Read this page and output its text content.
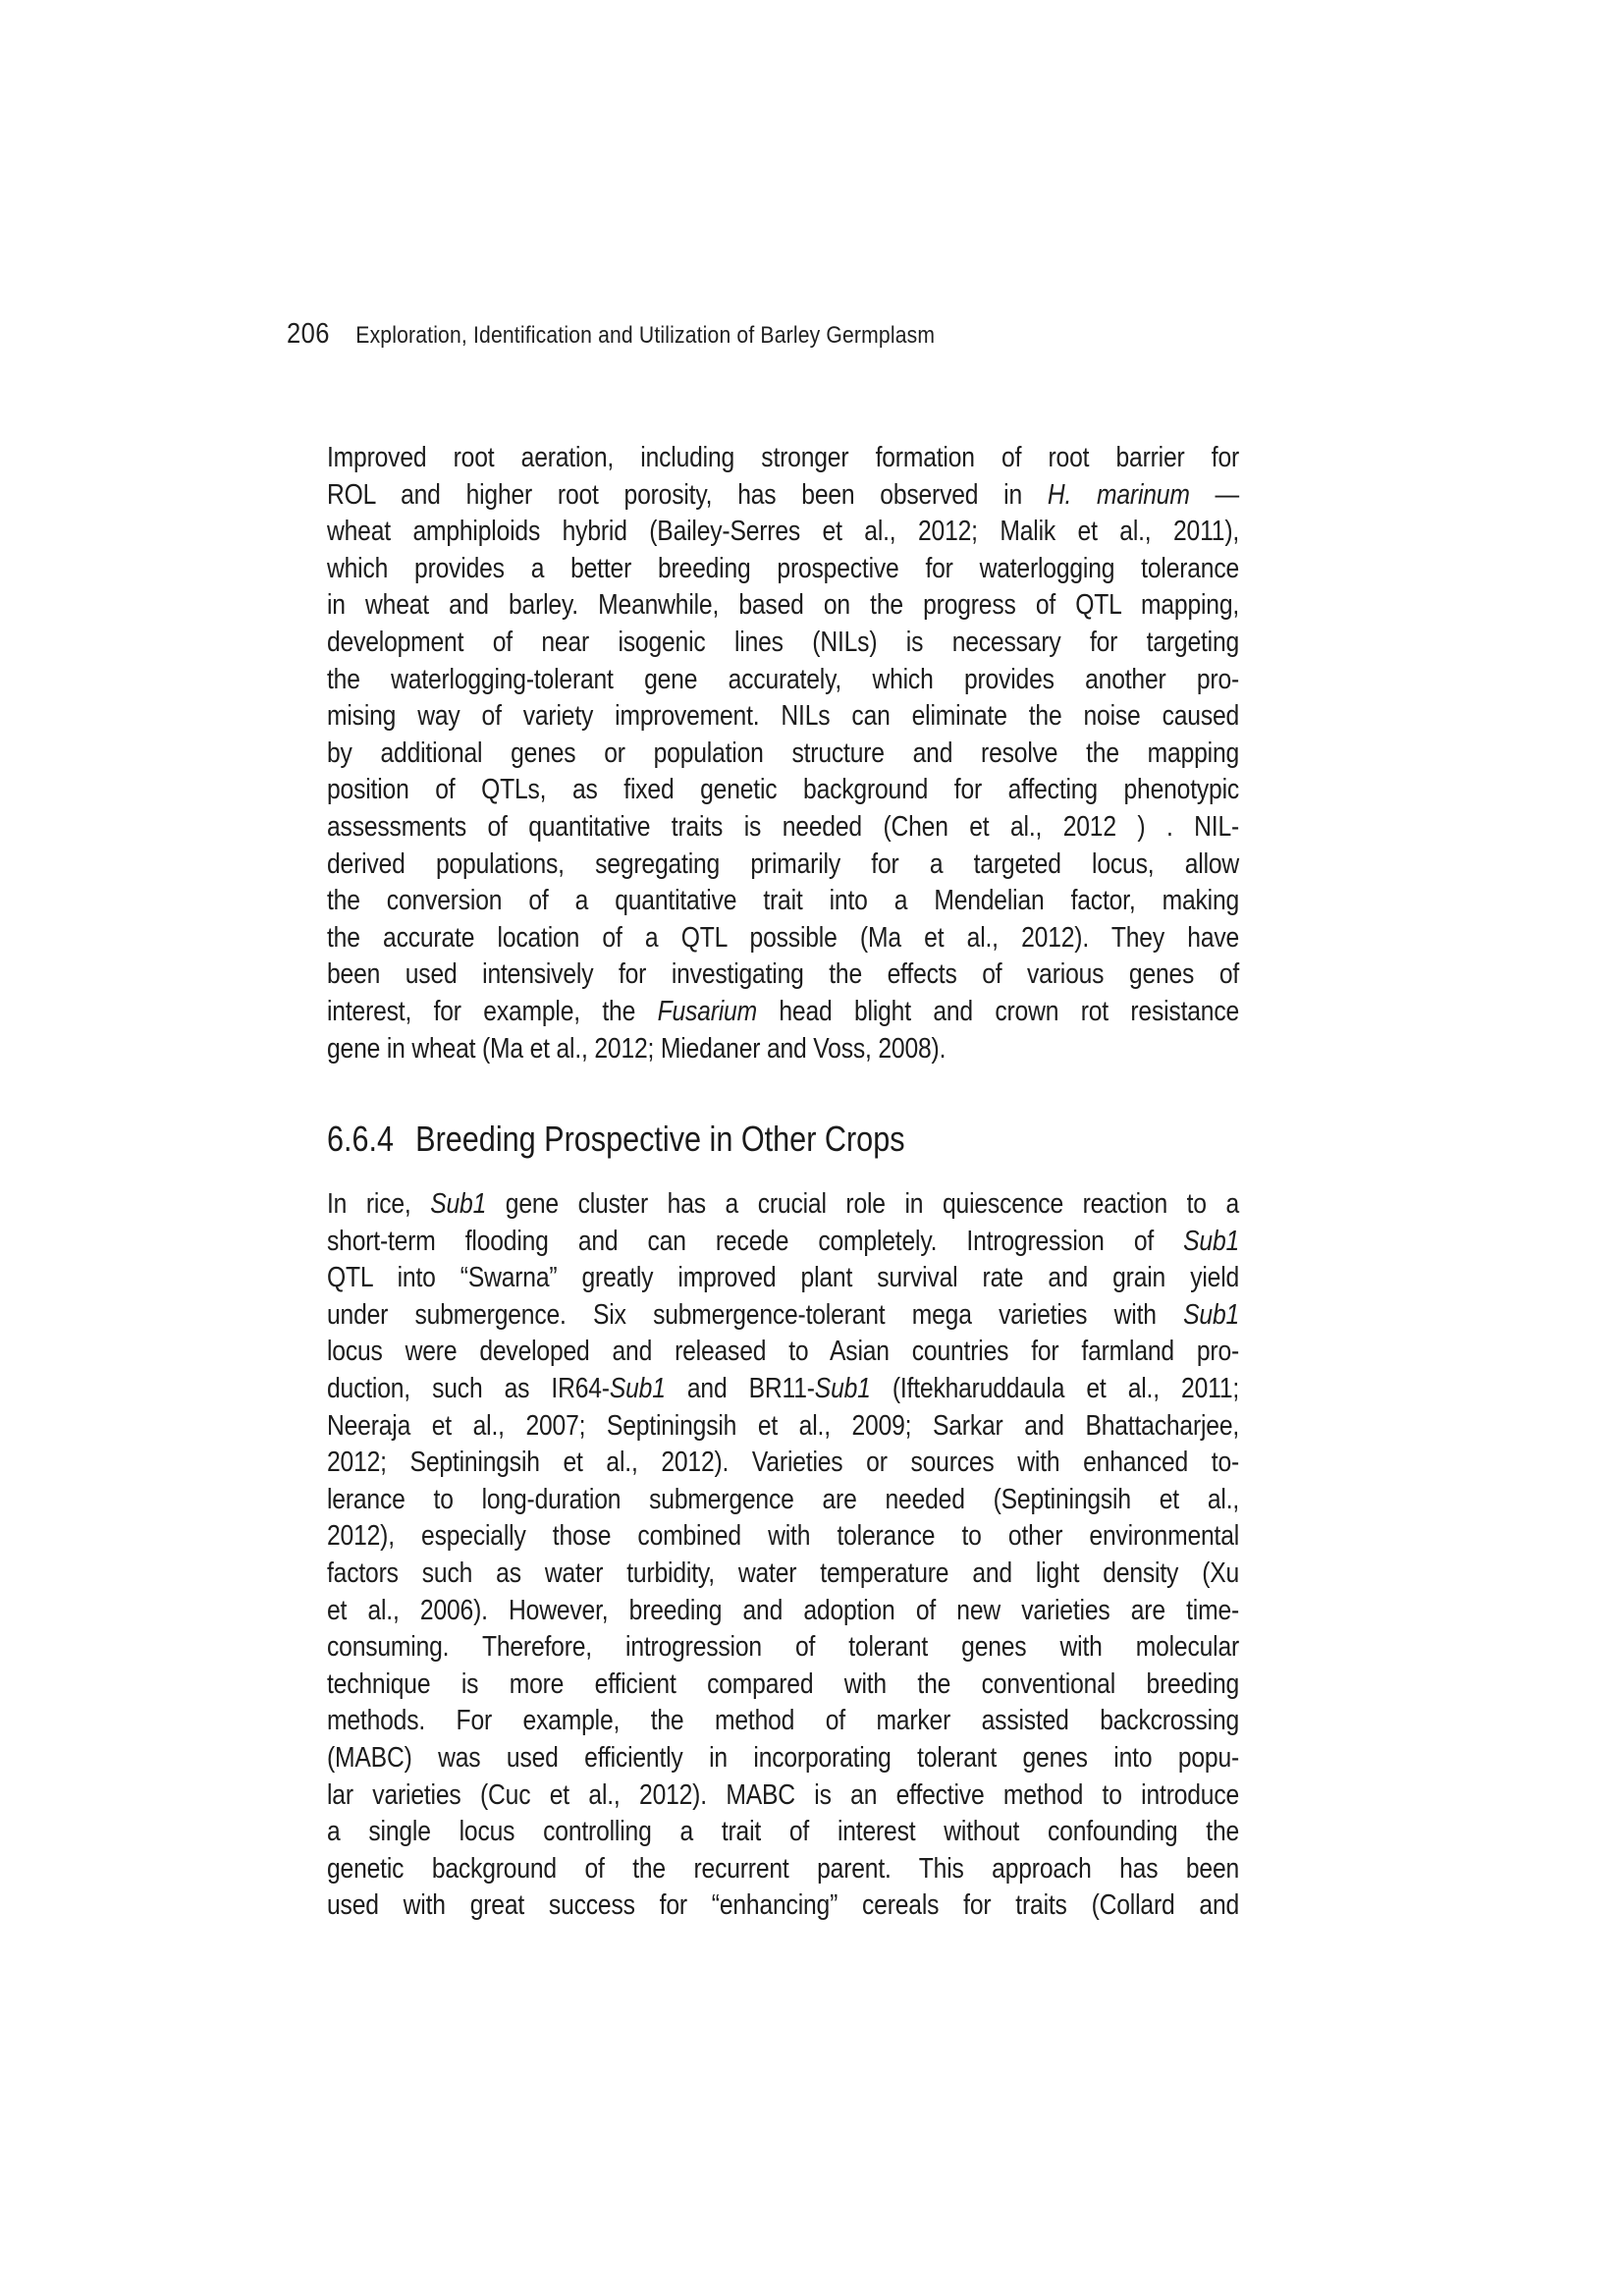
206 Exploration, Identification and Utilization of Barley Germplasm
Improved root aeration, including stronger formation of root barrier for
ROL and higher root porosity, has been observed in H. marinum —
wheat amphiploids hybrid (Bailey-Serres et al., 2012; Malik et al., 2011),
which provides a better breeding prospective for waterlogging tolerance
in wheat and barley. Meanwhile, based on the progress of QTL mapping,
development of near isogenic lines (NILs) is necessary for targeting
the waterlogging-tolerant gene accurately, which provides another pro-
mising way of variety improvement. NILs can eliminate the noise caused
by additional genes or population structure and resolve the mapping
position of QTLs, as fixed genetic background for affecting phenotypic
assessments of quantitative traits is needed (Chen et al., 2012 ) . NIL-
derived populations, segregating primarily for a targeted locus, allow
the conversion of a quantitative trait into a Mendelian factor, making
the accurate location of a QTL possible (Ma et al., 2012). They have
been used intensively for investigating the effects of various genes of
interest, for example, the Fusarium head blight and crown rot resistance
gene in wheat (Ma et al., 2012; Miedaner and Voss, 2008).
6.6.4 Breeding Prospective in Other Crops
In rice, Sub1 gene cluster has a crucial role in quiescence reaction to a
short-term flooding and can recede completely. Introgression of Sub1
QTL into “Swarna” greatly improved plant survival rate and grain yield
under submergence. Six submergence-tolerant mega varieties with Sub1
locus were developed and released to Asian countries for farmland pro-
duction, such as IR64-Sub1 and BR11-Sub1 (Iftekharuddaula et al., 2011;
Neeraja et al., 2007; Septiningsih et al., 2009; Sarkar and Bhattacharjee,
2012; Septiningsih et al., 2012). Varieties or sources with enhanced to-
lerance to long-duration submergence are needed (Septiningsih et al.,
2012), especially those combined with tolerance to other environmental
factors such as water turbidity, water temperature and light density (Xu
et al., 2006). However, breeding and adoption of new varieties are time-
consuming. Therefore, introgression of tolerant genes with molecular
technique is more efficient compared with the conventional breeding
methods. For example, the method of marker assisted backcrossing
(MABC) was used efficiently in incorporating tolerant genes into popu-
lar varieties (Cuc et al., 2012). MABC is an effective method to introduce
a single locus controlling a trait of interest without confounding the
genetic background of the recurrent parent. This approach has been
used with great success for “enhancing” cereals for traits (Collard and
